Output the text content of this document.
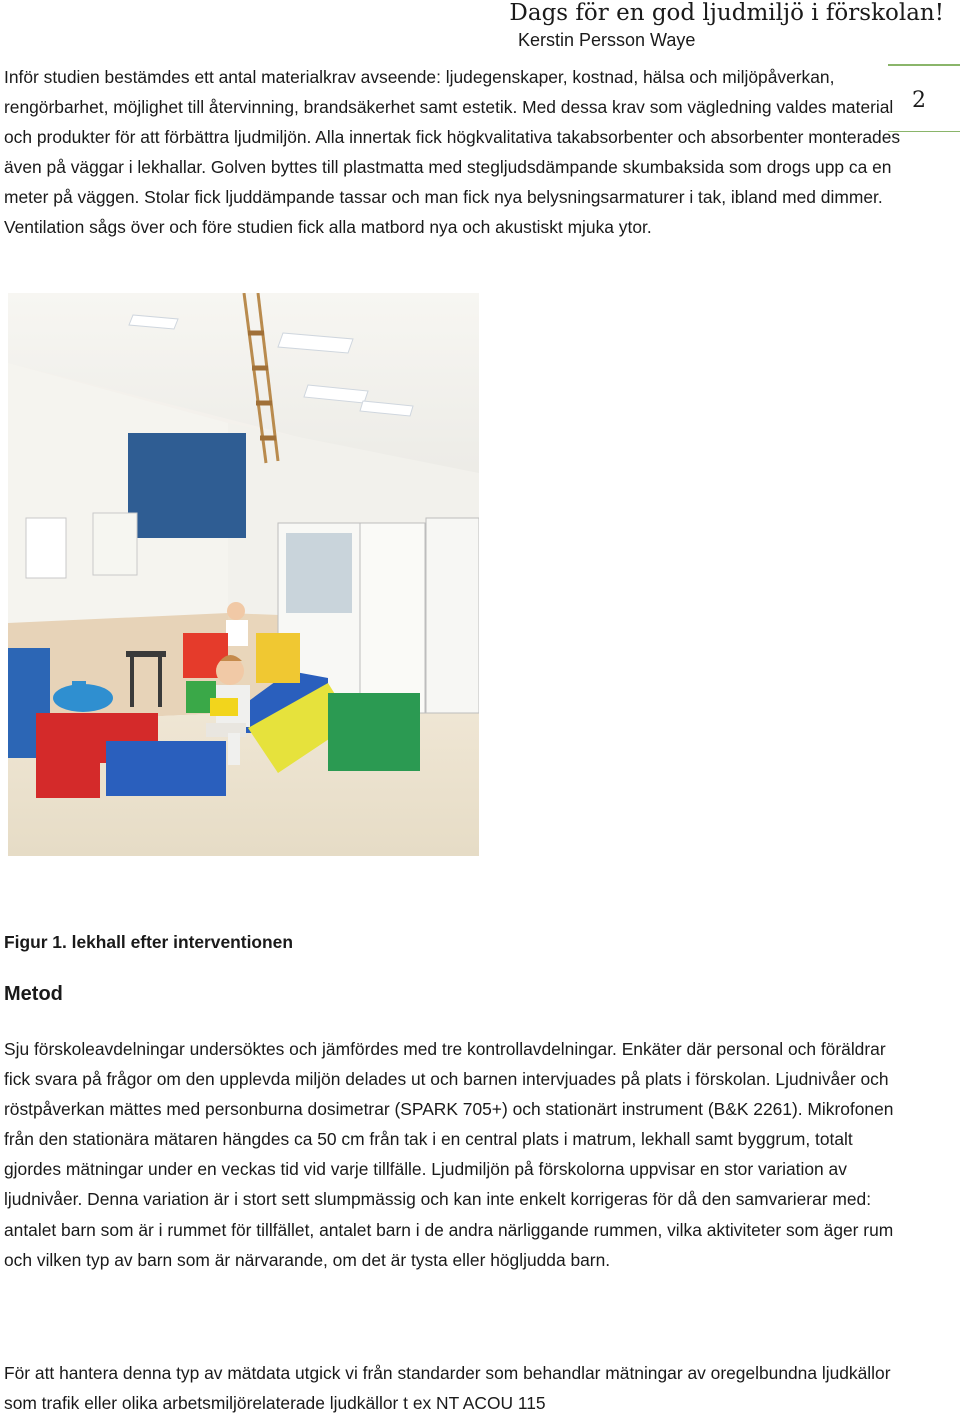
Dags för en god ljudmiljö i förskolan!
Kerstin Persson Waye
2

Inför studien bestämdes ett antal materialkrav avseende: ljudegenskaper, kostnad, hälsa och miljöpåverkan, rengörbarhet, möjlighet till återvinning, brandsäkerhet samt estetik. Med dessa krav som vägledning valdes material och produkter för att förbättra ljudmiljön. Alla innertak fick högkvalitativa takabsorbenter och absorbenter monterades även på väggar i lekhallar. Golven byttes till plastmatta med stegljudsdämpande skumbaksida som drogs upp ca en meter på väggen. Stolar fick ljuddämpande tassar och man fick nya belysningsarmaturer i tak, ibland med dimmer. Ventilation sågs över och före studien fick alla matbord nya och akustiskt mjuka ytor.

Figur 1. lekhall efter interventionen

Metod

Sju förskoleavdelningar undersöktes och jämfördes med tre kontrollavdelningar. Enkäter där personal och föräldrar fick svara på frågor om den upplevda miljön delades ut och barnen intervjuades på plats i förskolan. Ljudnivåer och röstpåverkan mättes med personburna dosimetrar (SPARK 705+) och stationärt instrument (B&K 2261). Mikrofonen från den stationära mätaren hängdes ca 50 cm från tak i en central plats i matrum, lekhall samt byggrum, totalt gjordes mätningar under en veckas tid vid varje tillfälle. Ljudmiljön på förskolorna uppvisar en stor variation av ljudnivåer. Denna variation är i stort sett slumpmässig och kan inte enkelt korrigeras för då den samvarierar med: antalet barn som är i rummet för tillfället, antalet barn i de andra närliggande rummen, vilka aktiviteter som äger rum och vilken typ av barn som är närvarande, om det är tysta eller högljudda barn.

För att hantera denna typ av mätdata utgick vi från standarder som behandlar mätningar av oregelbundna ljudkällor som trafik eller olika arbetsmiljörelaterade ljudkällor t ex NT ACOU 115
